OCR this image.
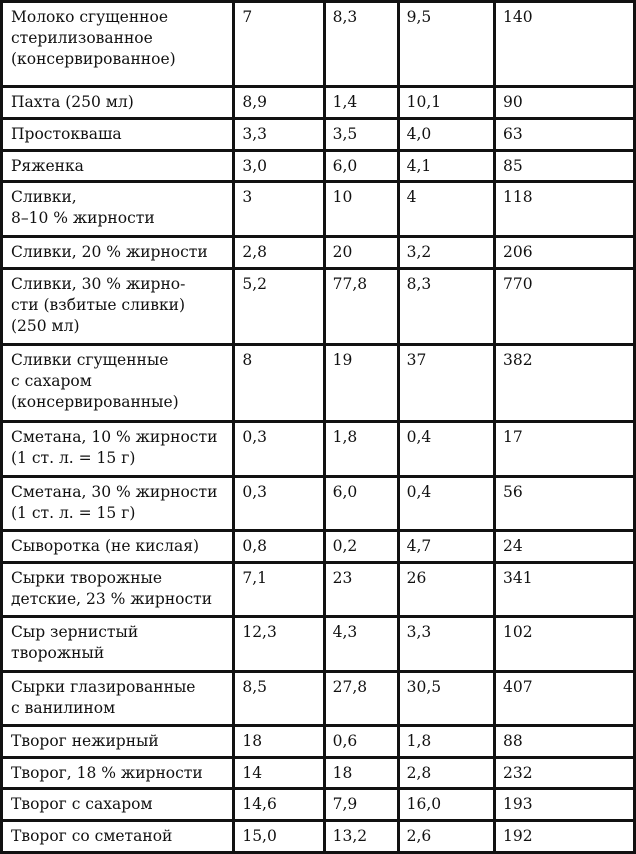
Молоко сгущенное
стерилизованное
(консервированное)	7	8,3	9,5	140

Пахта (250 мл)	8,9	1,4	10,1	90

Простокваша	3,3	3,5	4,0	63

Ряженка	3,0	6,0	4,1	85

Сливки,
8–10 % жирности	3	10	4	118

Сливки, 20 % жирности	2,8	20	3,2	206

Сливки, 30 % жирно-
сти (взбитые сливки)
(250 мл)	5,2	77,8	8,3	770

Сливки сгущенные
с сахаром
(консервированные)	8	19	37	382

Сметана, 10 % жирности
(1 ст. л. = 15 г)	0,3	1,8	0,4	17

Сметана, 30 % жирности
(1 ст. л. = 15 г)	0,3	6,0	0,4	56

Сыворотка (не кислая)	0,8	0,2	4,7	24

Сырки творожные
детские, 23 % жирности	7,1	23	26	341

Сыр зернистый
творожный	12,3	4,3	3,3	102

Сырки глазированные
с ванилином	8,5	27,8	30,5	407

Творог нежирный	18	0,6	1,8	88

Творог, 18 % жирности	14	18	2,8	232

Творог с сахаром	14,6	7,9	16,0	193

Творог со сметаной	15,0	13,2	2,6	192
